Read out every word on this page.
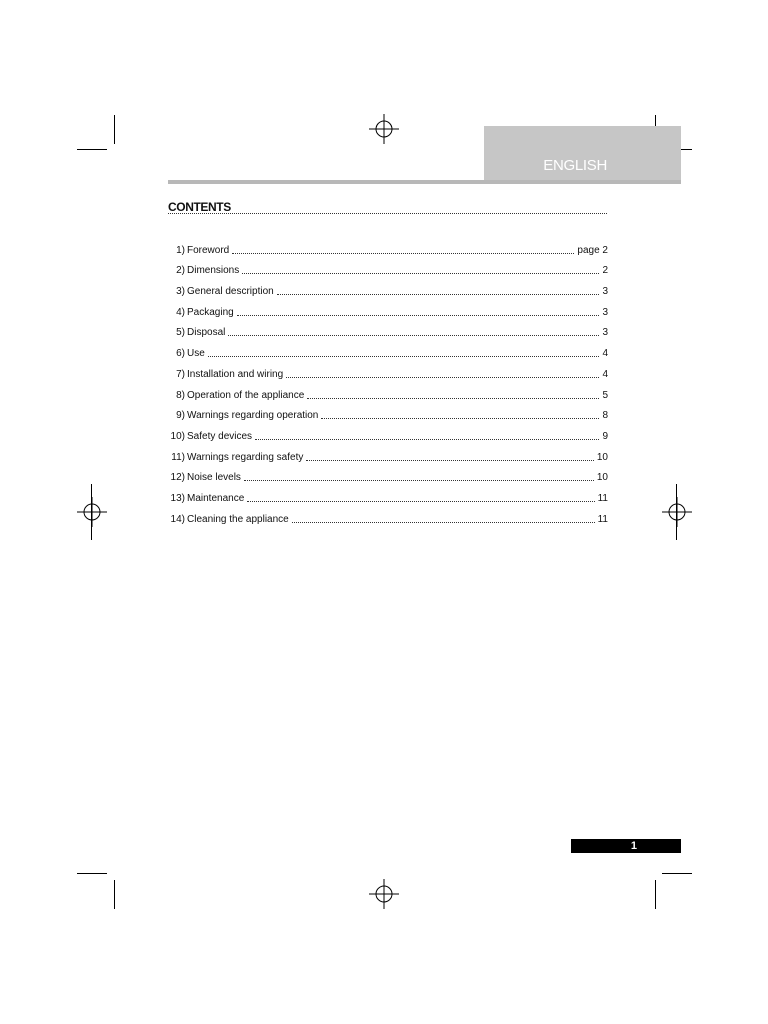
ENGLISH
CONTENTS
1) Foreword	page 2
2) Dimensions	2
3) General description	3
4) Packaging	3
5) Disposal	3
6) Use	4
7) Installation and wiring	4
8) Operation of the appliance	5
9) Warnings regarding operation	8
10) Safety devices	9
11) Warnings regarding safety	10
12) Noise levels	10
13) Maintenance	11
14) Cleaning the appliance	11
1
